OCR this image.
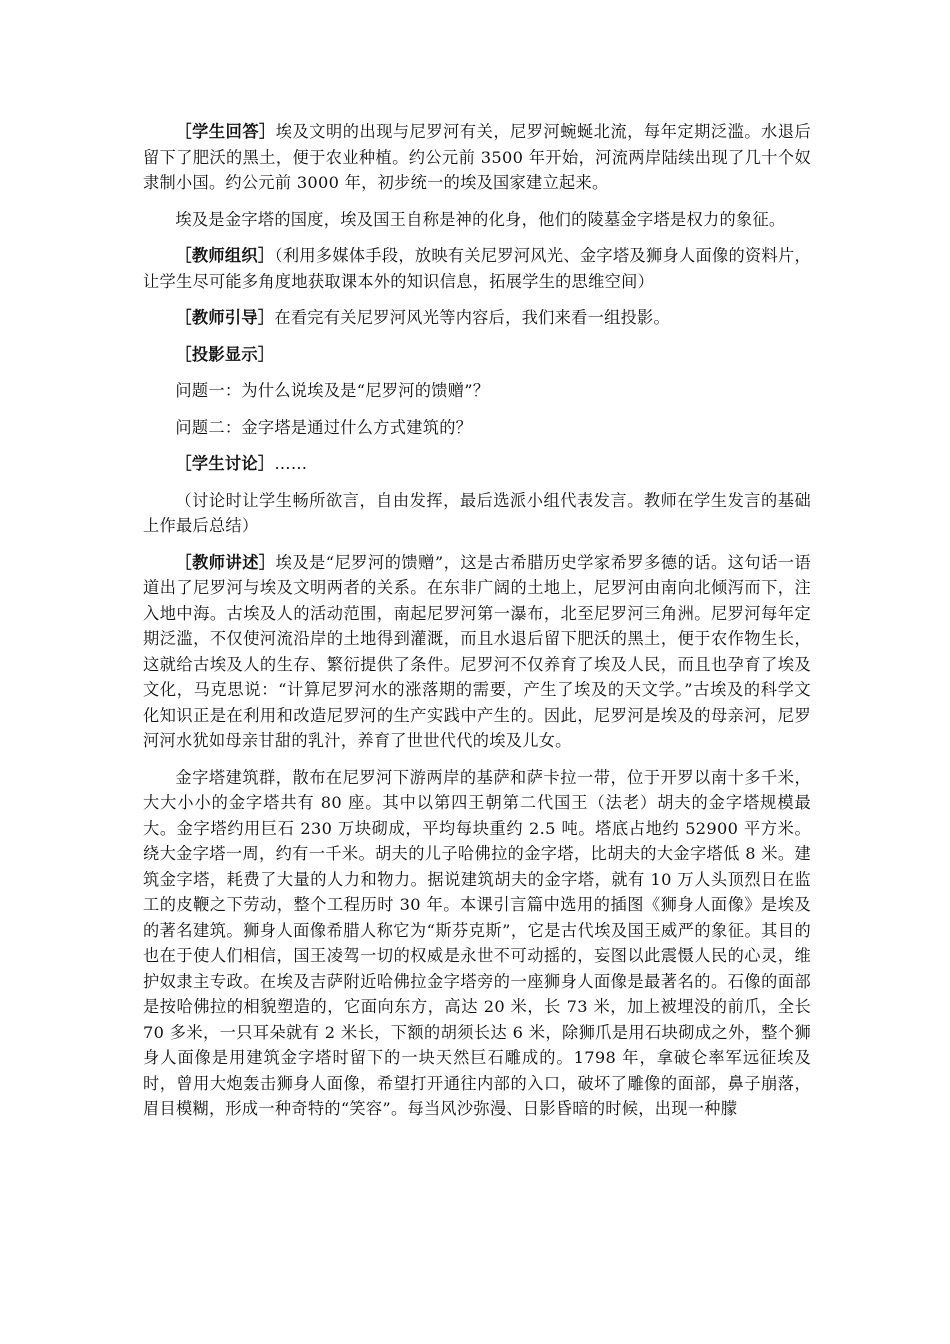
［学生回答］埃及文明的出现与尼罗河有关，尼罗河蜿蜒北流，每年定期泛滥。水退后留下了肥沃的黑土，便于农业种植。约公元前 3500 年开始，河流两岸陆续出现了几十个奴隶制小国。约公元前 3000 年，初步统一的埃及国家建立起来。

埃及是金字塔的国度，埃及国王自称是神的化身，他们的陵墓金字塔是权力的象征。

［教师组织］（利用多媒体手段，放映有关尼罗河风光、金字塔及狮身人面像的资料片，让学生尽可能多角度地获取课本外的知识信息，拓展学生的思维空间）

［教师引导］在看完有关尼罗河风光等内容后，我们来看一组投影。

［投影显示］

问题一：为什么说埃及是“尼罗河的馈赠”？

问题二：金字塔是通过什么方式建筑的？

［学生讨论］……

（讨论时让学生畅所欲言，自由发挥，最后选派小组代表发言。教师在学生发言的基础上作最后总结）

［教师讲述］埃及是“尼罗河的馈赠”，这是古希腊历史学家希罗多德的话。这句话一语道出了尼罗河与埃及文明两者的关系。在东非广阔的土地上，尼罗河由南向北倾泻而下，注入地中海。古埃及人的活动范围，南起尼罗河第一瀑布，北至尼罗河三角洲。尼罗河每年定期泛滥，不仅使河流沿岸的土地得到灌溉，而且水退后留下肥沃的黑土，便于农作物生长，这就给古埃及人的生存、繁衍提供了条件。尼罗河不仅养育了埃及人民，而且也孕育了埃及文化，马克思说：“计算尼罗河水的涨落期的需要，产生了埃及的天文学。”古埃及的科学文化知识正是在利用和改造尼罗河的生产实践中产生的。因此，尼罗河是埃及的母亲河，尼罗河河水犹如母亲甘甜的乳汁，养育了世世代代的埃及儿女。

金字塔建筑群，散布在尼罗河下游两岸的基萨和萨卡拉一带，位于开罗以南十多千米，大大小小的金字塔共有 80 座。其中以第四王朝第二代国王（法老）胡夫的金字塔规模最大。金字塔约用巨石 230 万块砌成，平均每块重约 2.5 吨。塔底占地约 52900 平方米。绕大金字塔一周，约有一千米。胡夫的儿子哈佛拉的金字塔，比胡夫的大金字塔低 8 米。建筑金字塔，耗费了大量的人力和物力。据说建筑胡夫的金字塔，就有 10 万人头顶烈日在监工的皮鞭之下劳动，整个工程历时 30 年。本课引言篇中选用的插图《狮身人面像》是埃及的著名建筑。狮身人面像希腊人称它为“斯芬克斯”，它是古代埃及国王威严的象征。其目的也在于使人们相信，国王凌驾一切的权威是永世不可动摇的，妄图以此震慑人民的心灵，维护奴隶主专政。在埃及吉萨附近哈佛拉金字塔旁的一座狮身人面像是最著名的。石像的面部是按哈佛拉的相貌塑造的，它面向东方，高达 20 米，长 73 米，加上被埋没的前爪，全长 70 多米，一只耳朵就有 2 米长，下额的胡须长达 6 米，除狮爪是用石块砌成之外，整个狮身人面像是用建筑金字塔时留下的一块天然巨石雕成的。1798 年，拿破仑率军远征埃及时，曾用大炮轰击狮身人面像，希望打开通往内部的入口，破坏了雕像的面部，鼻子崩落，眉目模糊，形成一种奇特的“笑容”。每当风沙弥漫、日影昏暗的时候，出现一种朦
